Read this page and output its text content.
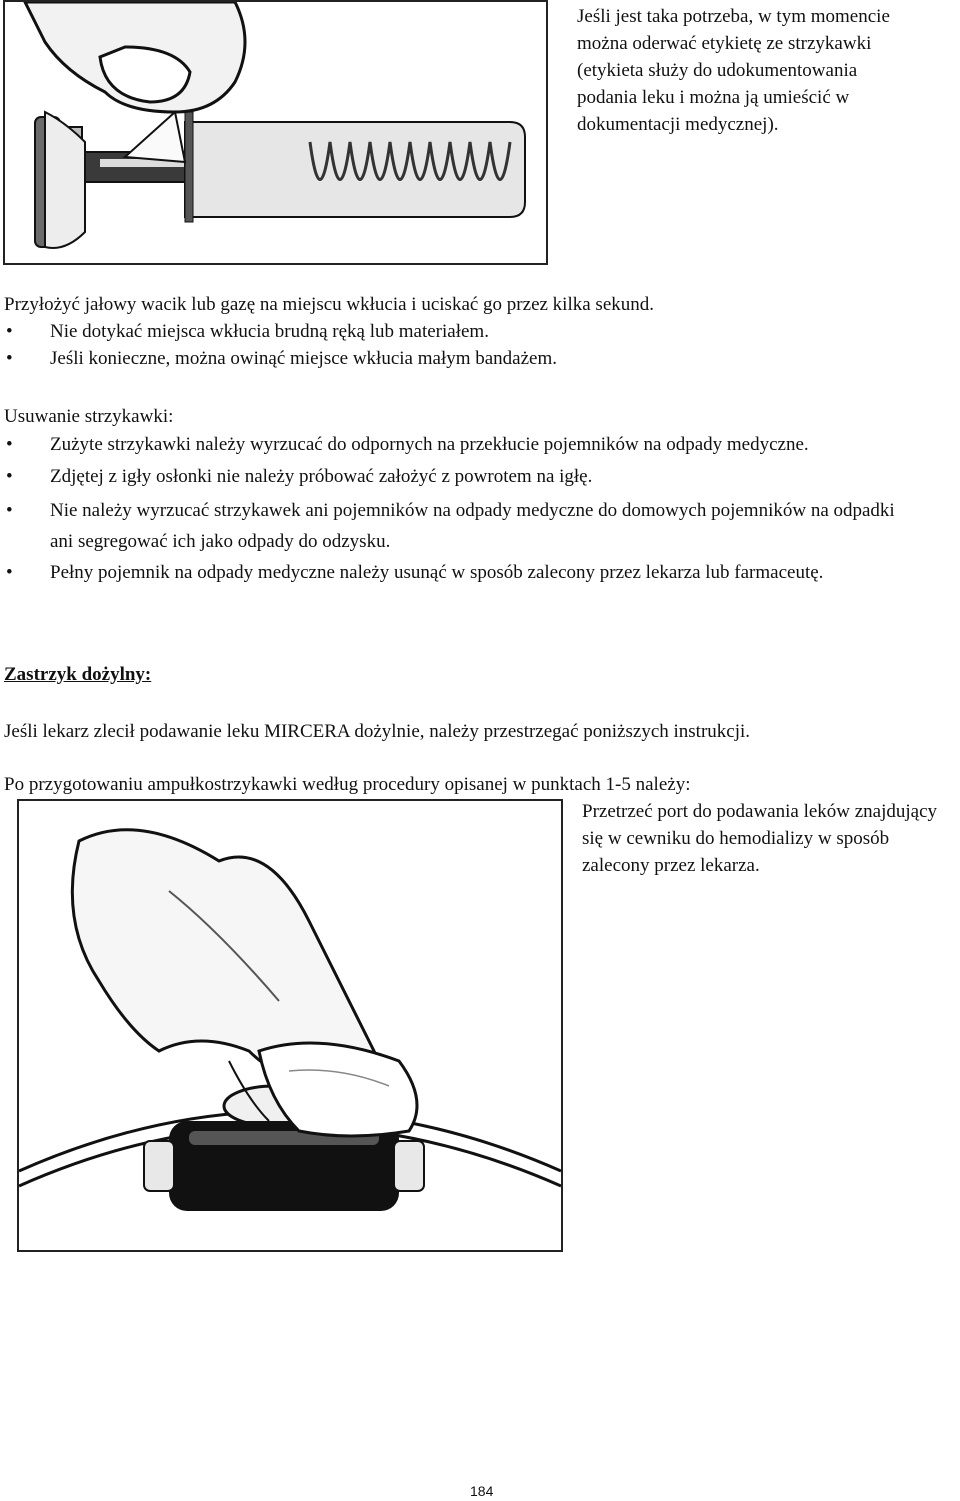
Jeśli jest taka potrzeba, w tym momencie można oderwać etykietę ze strzykawki (etykieta służy do udokumentowania podania leku i można ją umieścić w dokumentacji medycznej).
Przyłożyć jałowy wacik lub gazę na miejscu wkłucia i uciskać go przez kilka sekund.
• Nie dotykać miejsca wkłucia brudną ręką lub materiałem.
• Jeśli konieczne, można owinąć miejsce wkłucia małym bandażem.
Usuwanie strzykawki:
• Zużyte strzykawki należy wyrzucać do odpornych na przekłucie pojemników na odpady medyczne.
• Zdjętej z igły osłonki nie należy próbować założyć z powrotem na igłę.
• Nie należy wyrzucać strzykawek ani pojemników na odpady medyczne do domowych pojemników na odpadki ani segregować ich jako odpady do odzysku.
• Pełny pojemnik na odpady medyczne należy usunąć w sposób zalecony przez lekarza lub farmaceutę.
Zastrzyk dożylny:
Jeśli lekarz zlecił podawanie leku MIRCERA dożylnie, należy przestrzegać poniższych instrukcji.
Po przygotowaniu ampułkostrzykawki według procedury opisanej w punktach 1-5 należy:
Przetrzeć port do podawania leków znajdujący się w cewniku do hemodializy w sposób zalecony przez lekarza.
184
